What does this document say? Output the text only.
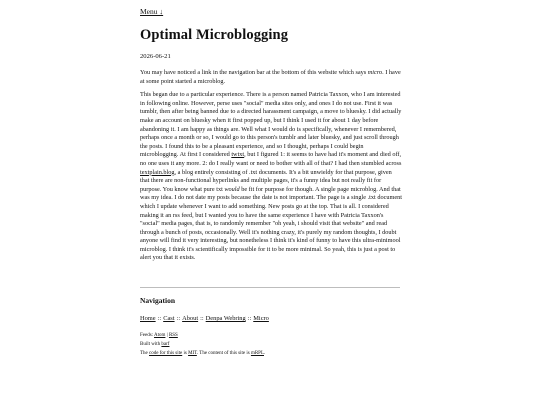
Menu ↓
Optimal Microblogging
2026-06-21

You may have noticed a link in the navigation bar at the bottom of this website which says micro. I have at some point started a microblog.

This began due to a particular experience. There is a person named Patricia Taxxon, who I am interested in following online. However, perse uses "social" media sites only, and ones I do not use. First it was tumblr, then after being banned due to a directed harassment campaign, a move to bluesky. I did actually make an account on bluesky when it first popped up, but I think I used it for about 1 day before abandoning it. I am happy as things are. Well what I would do is specifically, whenever I remembered, perhaps once a month or so, I would go to this person's tumblr and later bluesky, and just scroll through the posts. I found this to be a pleasant experience, and so I thought, perhaps I could begin microblogging. At first I considered twtxt, but I figured 1: it seems to have had it's moment and died off, no one uses it any more. 2: do I really want or need to bother with all of that? I had then stumbled across textplain.blog, a blog entirely consisting of .txt documents. It's a bit unwieldy for that purpose, given that there are non-functional hyperlinks and multiple pages, it's a funny idea but not really fit for purpose. You know what pure txt would be fit for purpose for though. A single page microblog. And that was my idea. I do not date my posts because the date is not important. The page is a single .txt document which I update whenever I want to add something. New posts go at the top. That is all. I considered making it an rss feed, but I wanted you to have the same experience I have with Patricia Taxxon's "social" media pages, that is, to randomly remember "oh yeah, i should visit that website" and read through a bunch of posts, occasionally. Well it's nothing crazy, it's purely my random thoughts, I doubt anyone will find it very interesting, but nonetheless I think it's kind of funny to have this ultra-minimool microblog. I think it's scientifically impossible for it to be more minimal. So yeah, this is just a post to alert you that it exists.

Navigation
Home :: Cast :: About :: Denpa Webring :: Micro
Feeds: Atom | RSS
Built with barf
The code for this site is MIT. The content of this site is mRPL.
